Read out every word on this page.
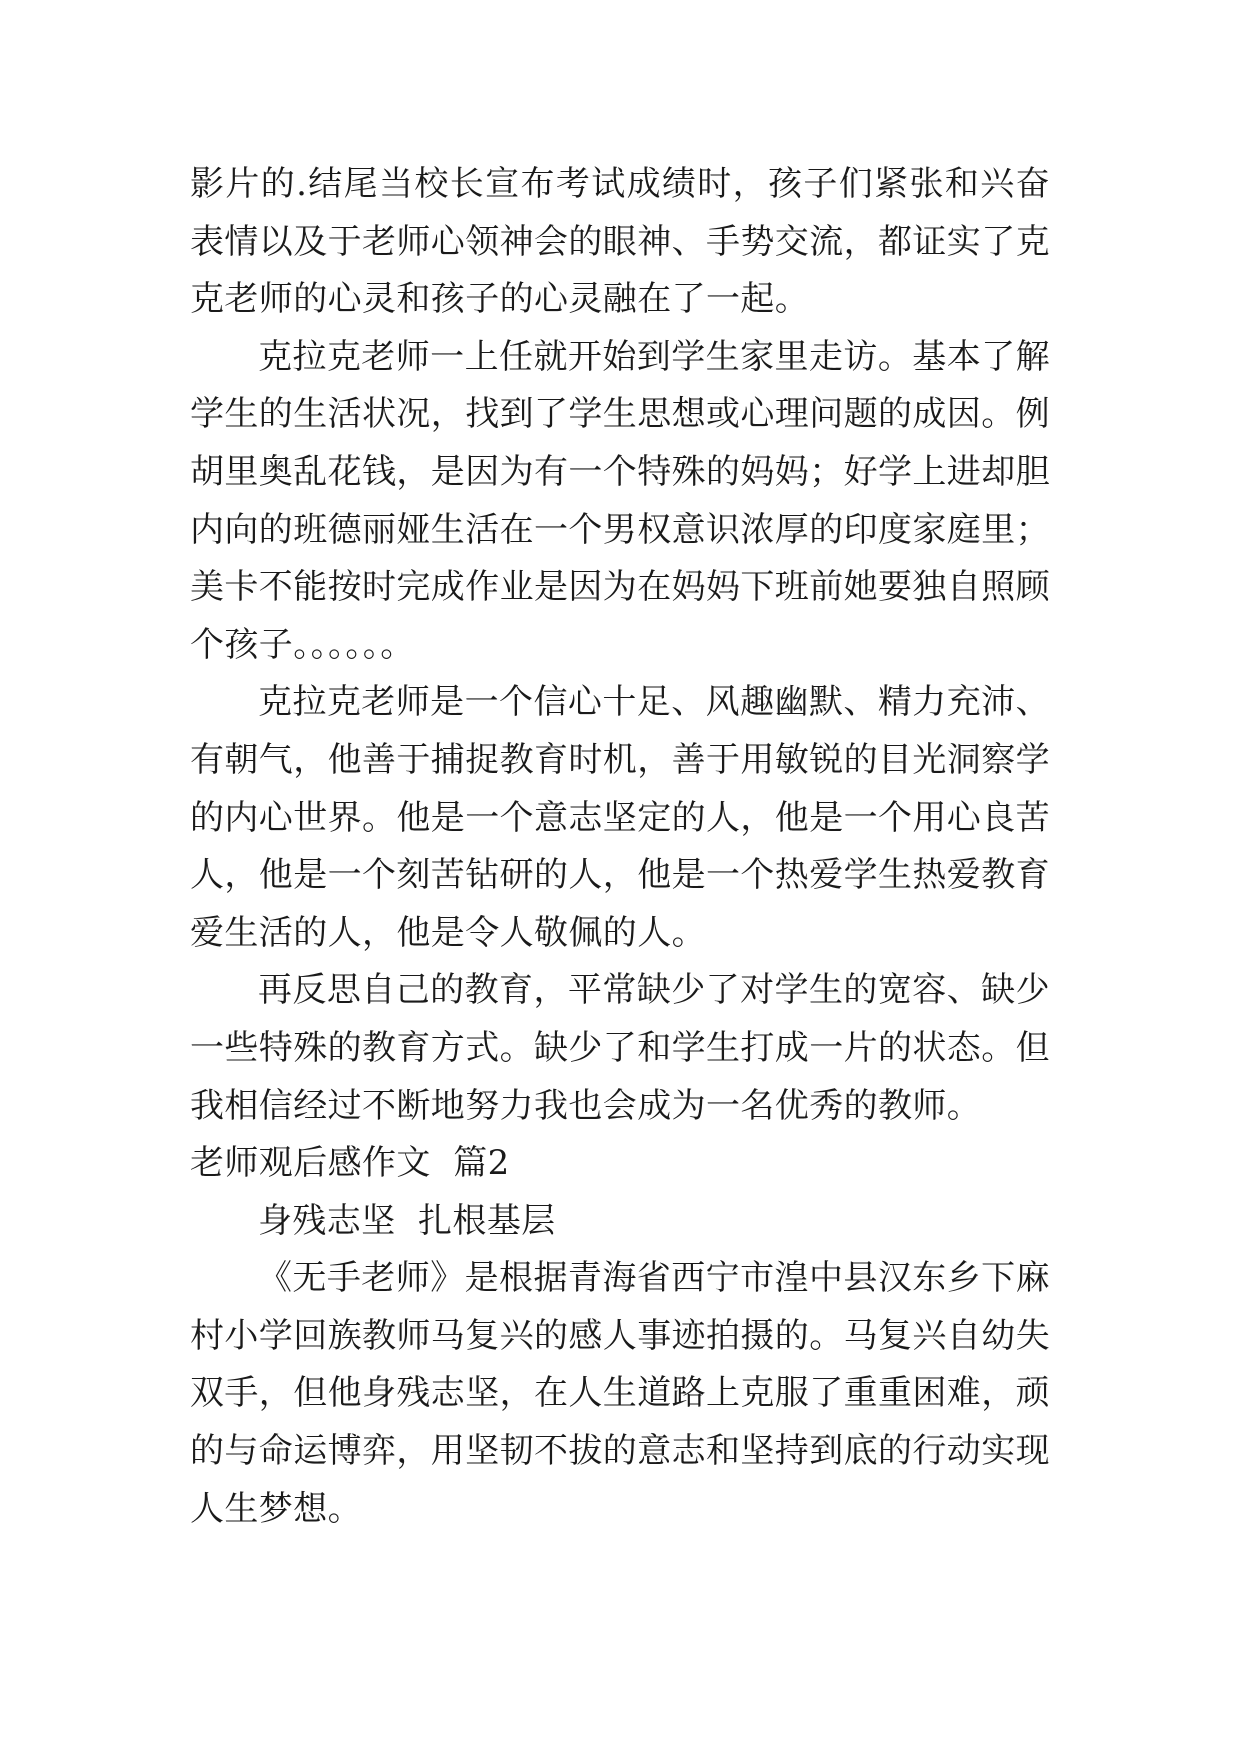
影片的.结尾当校长宣布考试成绩时，孩子们紧张和兴奋
表情以及于老师心领神会的眼神、手势交流，都证实了克
克老师的心灵和孩子的心灵融在了一起。
克拉克老师一上任就开始到学生家里走访。基本了解
学生的生活状况，找到了学生思想或心理问题的成因。例
胡里奥乱花钱，是因为有一个特殊的妈妈；好学上进却胆
内向的班德丽娅生活在一个男权意识浓厚的印度家庭里；
美卡不能按时完成作业是因为在妈妈下班前她要独自照顾
个孩子。。。。。。
克拉克老师是一个信心十足、风趣幽默、精力充沛、
有朝气，他善于捕捉教育时机，善于用敏锐的目光洞察学
的内心世界。他是一个意志坚定的人，他是一个用心良苦
人，他是一个刻苦钻研的人，他是一个热爱学生热爱教育
爱生活的人，他是令人敬佩的人。
再反思自己的教育，平常缺少了对学生的宽容、缺少
一些特殊的教育方式。缺少了和学生打成一片的状态。但
我相信经过不断地努力我也会成为一名优秀的教师。
老师观后感作文  篇2
身残志坚  扎根基层
《无手老师》是根据青海省西宁市湟中县汉东乡下麻
村小学回族教师马复兴的感人事迹拍摄的。马复兴自幼失
双手，但他身残志坚，在人生道路上克服了重重困难，顽
的与命运博弈，用坚韧不拔的意志和坚持到底的行动实现
人生梦想。
